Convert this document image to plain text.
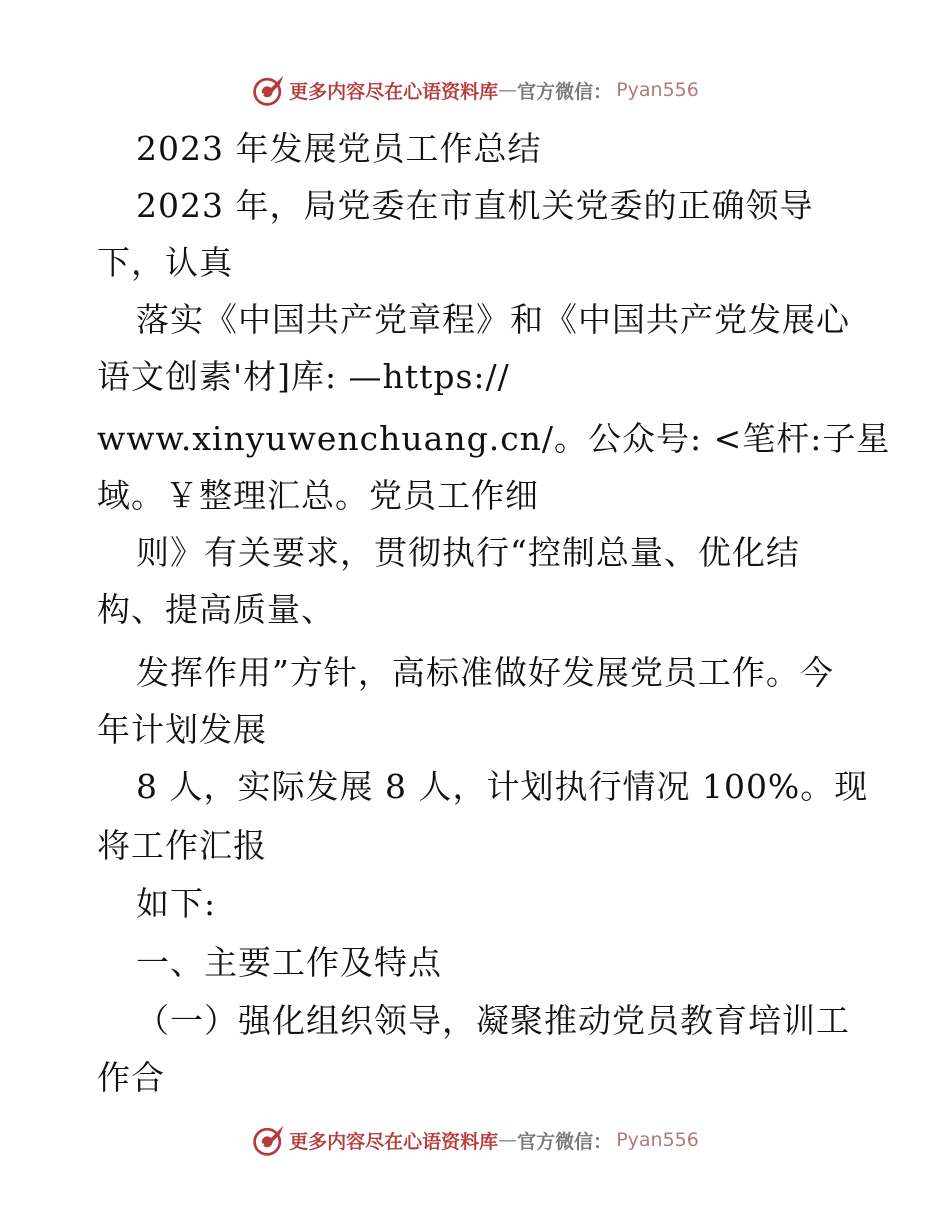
更多内容尽在心语资料库 — 官方微信： Pyan556
2023 年发展党员工作总结
2023 年，局党委在市直机关党委的正确领导
下，认真
落实《中国共产党章程》和《中国共产党发展心
语文创素'材]库: —https://
www.xinyuwenchuang.cn/。公众号: <笔杆:子星
域。￥整理汇总。党员工作细
则》有关要求，贯彻执行“控制总量、优化结
构、提高质量、
发挥作用”方针，高标准做好发展党员工作。今
年计划发展
8 人，实际发展 8 人，计划执行情况 100%。现
将工作汇报
如下:
一、主要工作及特点
（一）强化组织领导，凝聚推动党员教育培训工
作合
更多内容尽在心语资料库 — 官方微信： Pyan556
